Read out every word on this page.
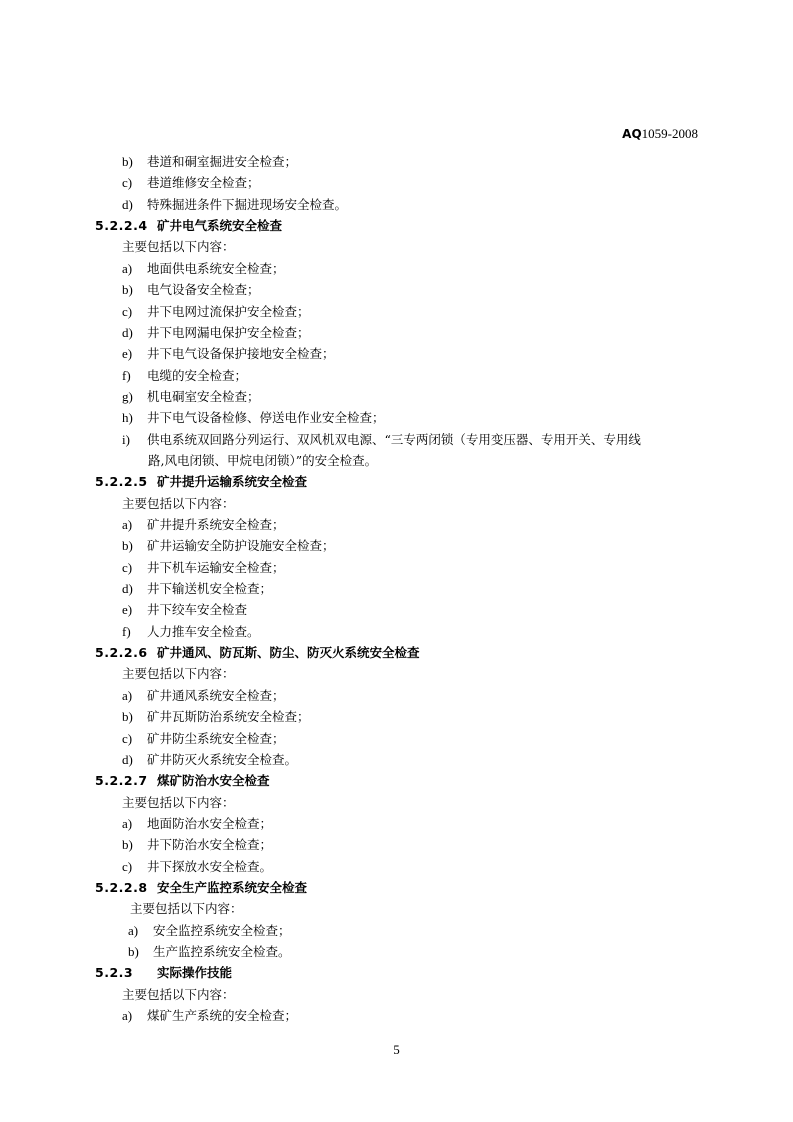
AQ1059-2008
b) 巷道和硐室掘进安全检查；
c) 巷道维修安全检查；
d) 特殊掘进条件下掘进现场安全检查。
5.2.2.4 矿井电气系统安全检查
主要包括以下内容：
a) 地面供电系统安全检查；
b) 电气设备安全检查；
c) 井下电网过流保护安全检查；
d) 井下电网漏电保护安全检查；
e) 井下电气设备保护接地安全检查；
f) 电缆的安全检查；
g) 机电硐室安全检查；
h) 井下电气设备检修、停送电作业安全检查；
i) 供电系统双回路分列运行、双风机双电源、“三专两闭锁（专用变压器、专用开关、专用线
路,风电闭锁、甲烷电闭锁）”的安全检查。
5.2.2.5 矿井提升运输系统安全检查
主要包括以下内容：
a) 矿井提升系统安全检查；
b) 矿井运输安全防护设施安全检查；
c) 井下机车运输安全检查；
d) 井下输送机安全检查；
e) 井下绞车安全检查
f) 人力推车安全检查。
5.2.2.6 矿井通风、防瓦斯、防尘、防灭火系统安全检查
主要包括以下内容：
a) 矿井通风系统安全检查；
b) 矿井瓦斯防治系统安全检查；
c) 矿井防尘系统安全检查；
d) 矿井防灭火系统安全检查。
5.2.2.7 煤矿防治水安全检查
主要包括以下内容：
a) 地面防治水安全检查；
b) 井下防治水安全检查；
c) 井下探放水安全检查。
5.2.2.8 安全生产监控系统安全检查
主要包括以下内容：
a) 安全监控系统安全检查；
b) 生产监控系统安全检查。
5.2.3 实际操作技能
主要包括以下内容：
a) 煤矿生产系统的安全检查；
5
